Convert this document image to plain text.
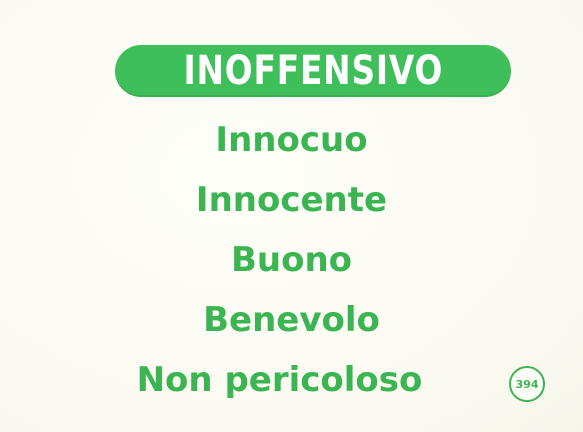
INOFFENSIVO
Innocuo
Innocente
Buono
Benevolo
Non pericoloso	394
